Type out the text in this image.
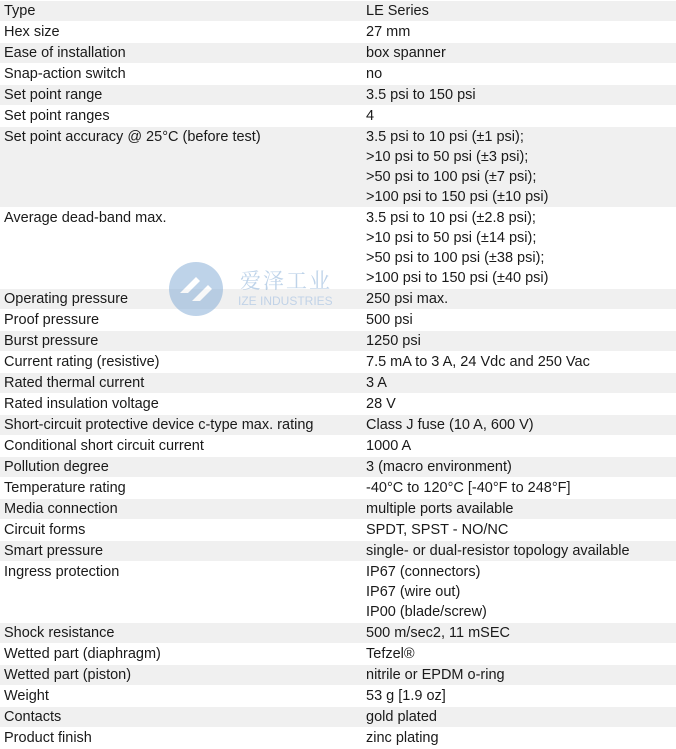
Type	LE Series
Hex size	27 mm
Ease of installation	box spanner
Snap-action switch	no
Set point range	3.5 psi to 150 psi
Set point ranges	4
Set point accuracy @ 25°C (before test)	3.5 psi to 10 psi (±1 psi);
>10 psi to 50 psi (±3 psi);
>50 psi to 100 psi (±7 psi);
>100 psi to 150 psi (±10 psi)
Average dead-band max.	3.5 psi to 10 psi (±2.8 psi);
>10 psi to 50 psi (±14 psi);
>50 psi to 100 psi (±38 psi);
>100 psi to 150 psi (±40 psi)
Operating pressure	250 psi max.
Proof pressure	500 psi
Burst pressure	1250 psi
Current rating (resistive)	7.5 mA to 3 A, 24 Vdc and 250 Vac
Rated thermal current	3 A
Rated insulation voltage	28 V
Short-circuit protective device c-type max. rating	Class J fuse (10 A, 600 V)
Conditional short circuit current	1000 A
Pollution degree	3 (macro environment)
Temperature rating	-40°C to 120°C [-40°F to 248°F]
Media connection	multiple ports available
Circuit forms	SPDT, SPST - NO/NC
Smart pressure	single- or dual-resistor topology available
Ingress protection	IP67 (connectors)
IP67 (wire out)
IP00 (blade/screw)
Shock resistance	500 m/sec2, 11 mSEC
Wetted part (diaphragm)	Tefzel®
Wetted part (piston)	nitrile or EPDM o-ring
Weight	53 g [1.9 oz]
Contacts	gold plated
Product finish	zinc plating
爱泽工业
IZE INDUSTRIES
